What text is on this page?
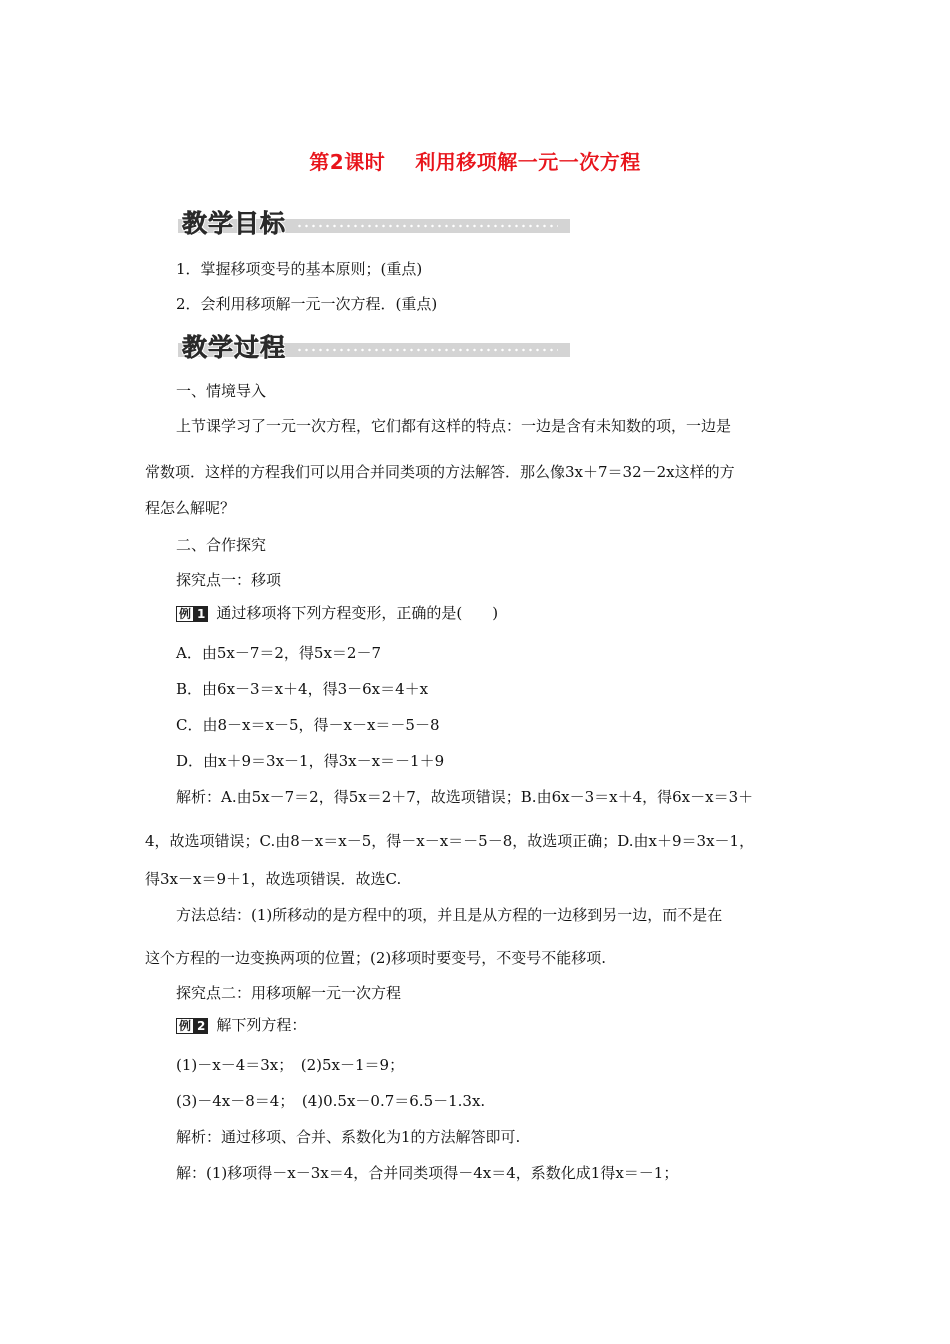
第2课时 利用移项解一元一次方程
教学目标
1．掌握移项变号的基本原则；(重点)
2．会利用移项解一元一次方程．(重点)
教学过程
一、情境导入
上节课学习了一元一次方程，它们都有这样的特点：一边是含有未知数的项，一边是
常数项．这样的方程我们可以用合并同类项的方法解答．那么像3x＋7＝32－2x这样的方
程怎么解呢？
二、合作探究
探究点一：移项
例 1 通过移项将下列方程变形，正确的是(　　)
A．由5x－7＝2，得5x＝2－7
B．由6x－3＝x＋4，得3－6x＝4＋x
C．由8－x＝x－5，得－x－x＝－5－8
D．由x＋9＝3x－1，得3x－x＝－1＋9
解析：A.由5x－7＝2，得5x＝2＋7，故选项错误；B.由6x－3＝x＋4，得6x－x＝3＋
4，故选项错误；C.由8－x＝x－5，得－x－x＝－5－8，故选项正确；D.由x＋9＝3x－1，
得3x－x＝9＋1，故选项错误．故选C.
方法总结：(1)所移动的是方程中的项，并且是从方程的一边移到另一边，而不是在
这个方程的一边变换两项的位置；(2)移项时要变号，不变号不能移项.
探究点二：用移项解一元一次方程
例 2 解下列方程：
(1)－x－4＝3x；　(2)5x－1＝9；
(3)－4x－8＝4；　(4)0.5x－0.7＝6.5－1.3x.
解析：通过移项、合并、系数化为1的方法解答即可.
解：(1)移项得－x－3x＝4，合并同类项得－4x＝4，系数化成1得x＝－1；
